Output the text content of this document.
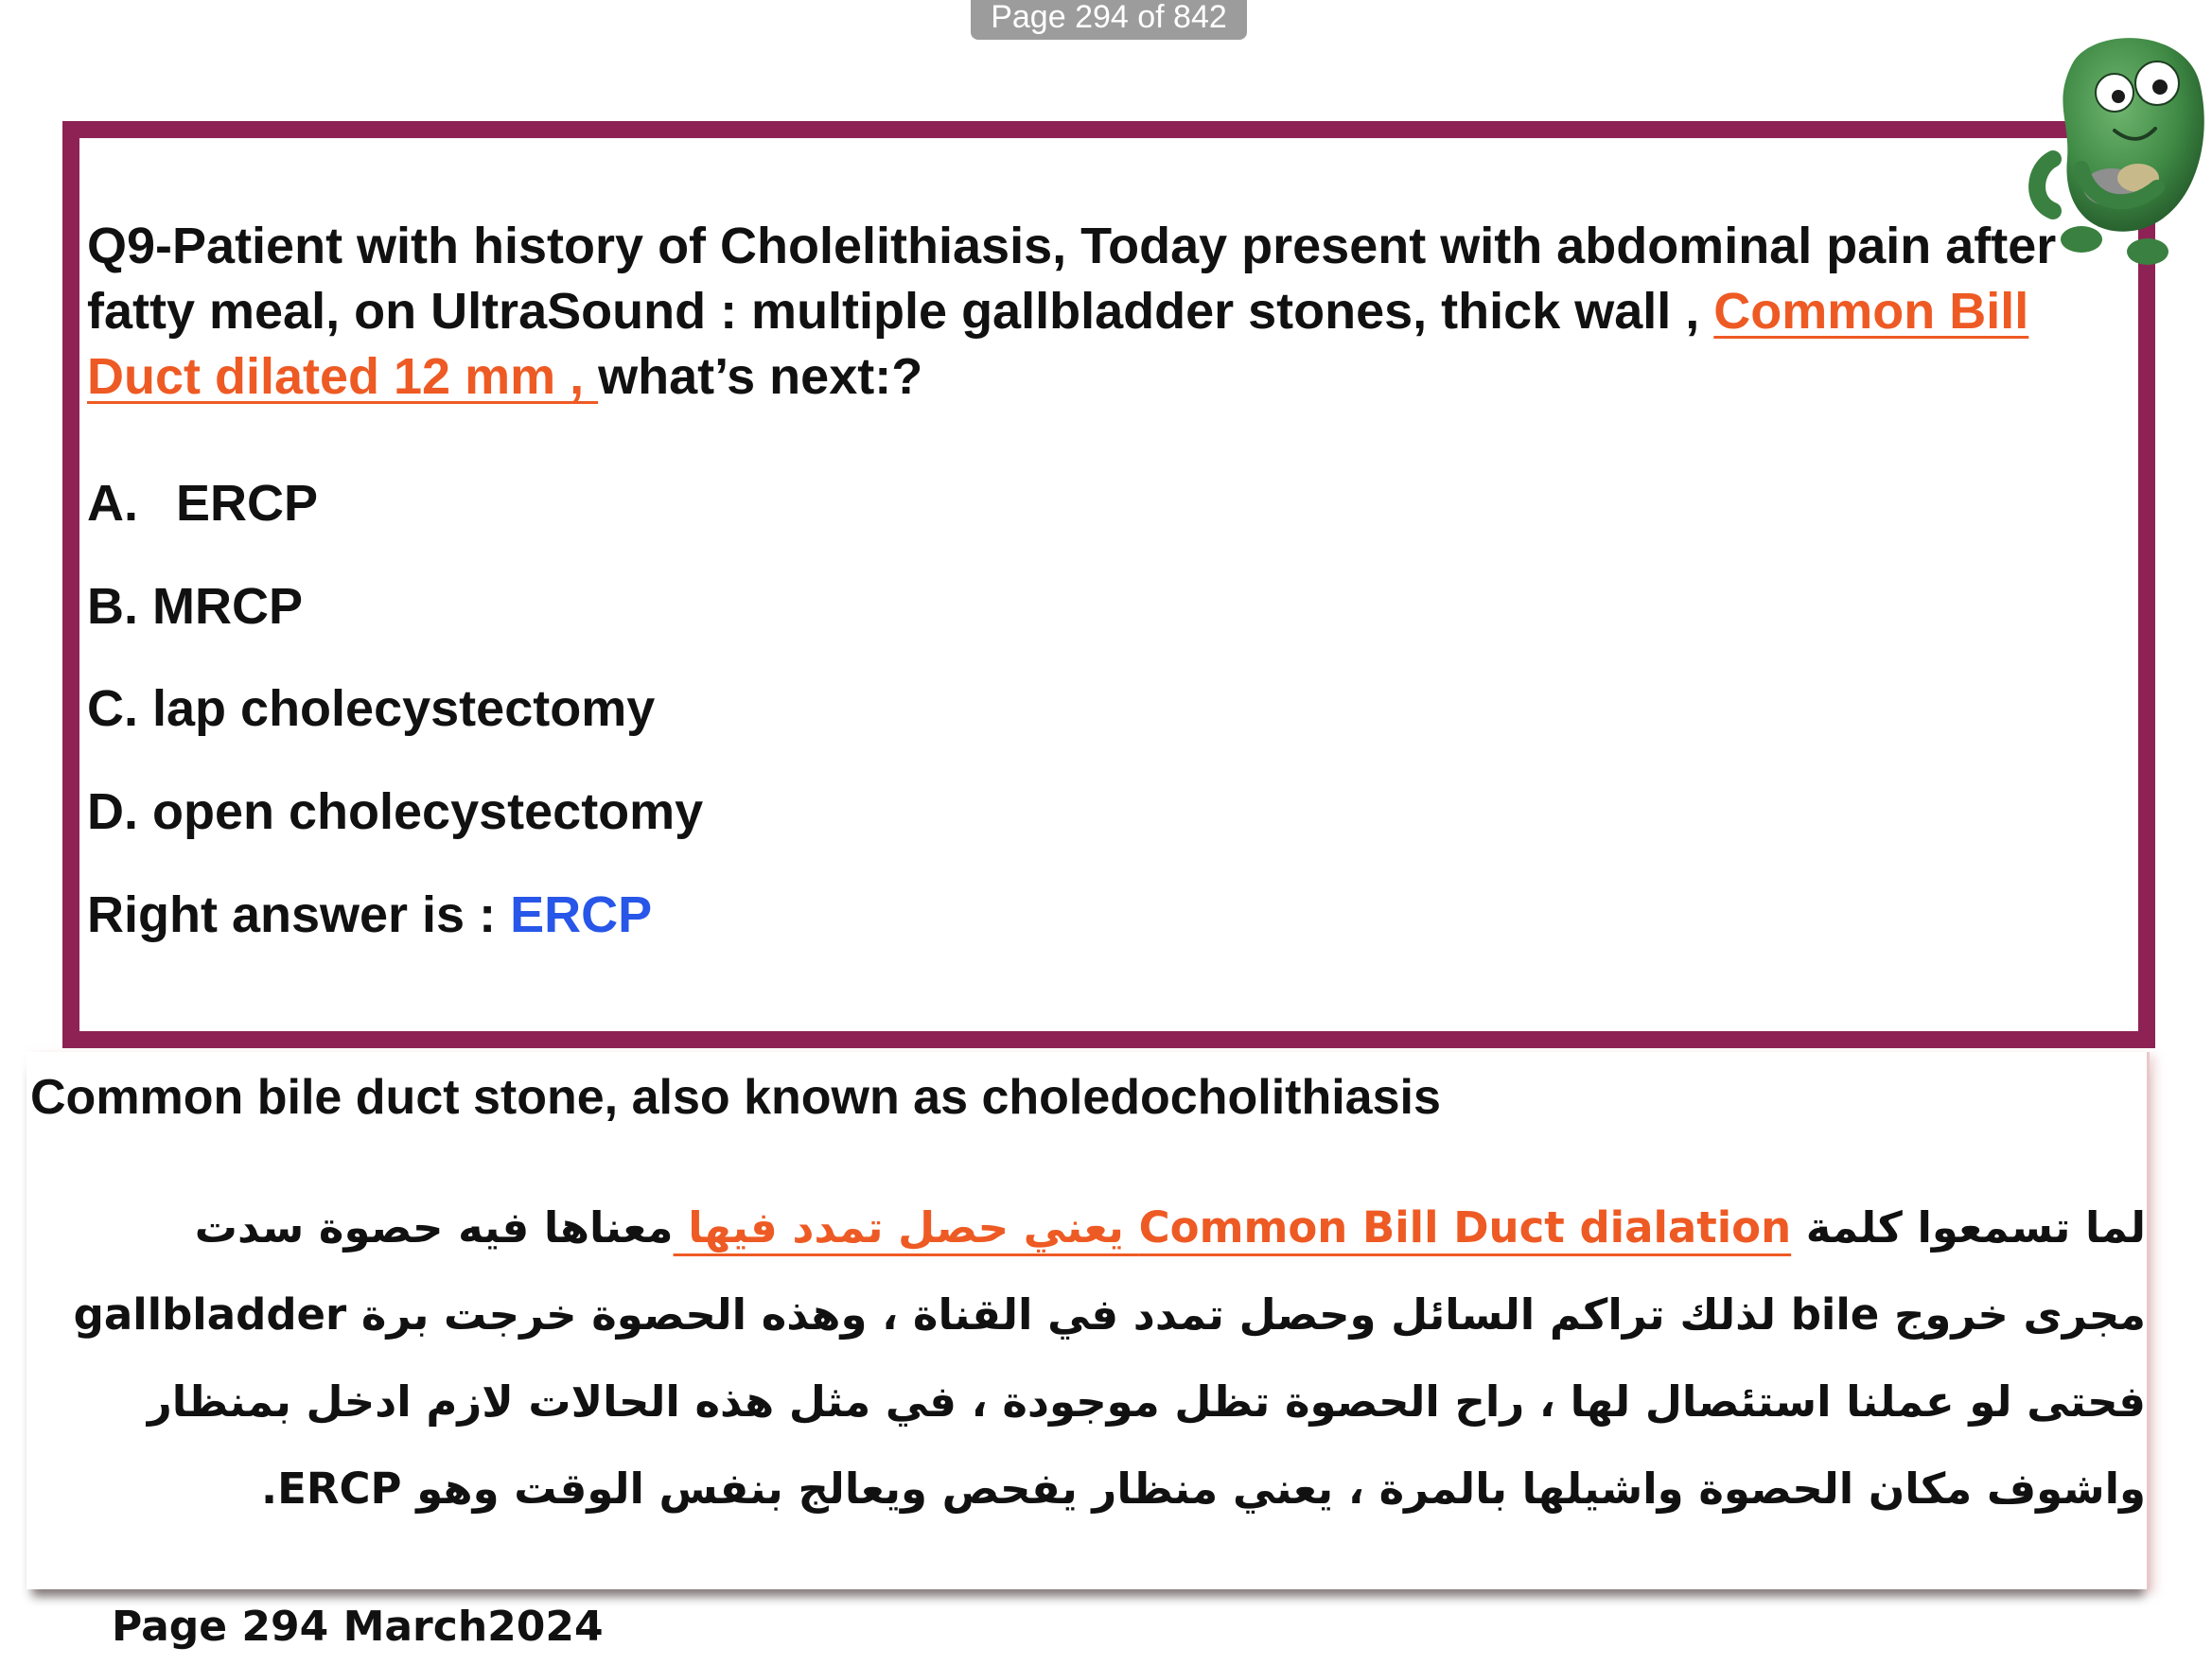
Page 294 of 842
Q9-Patient with history of Cholelithiasis, Today present with abdominal pain after fatty meal, on UltraSound : multiple gallbladder stones, thick wall , Common Bill Duct dilated 12 mm , what’s next:?
A. ERCP
B. MRCP
C. lap cholecystectomy
D. open cholecystectomy
Right answer is : ERCP
Common bile duct stone, also known as choledocholithiasis
لما تسمعوا كلمة Common Bill Duct dialation يعني حصل تمدد فيها معناها فيه حصوة سدت
مجرى خروج bile لذلك تراكم السائل وحصل تمدد في القناة ، وهذه الحصوة خرجت برة gallbladder
فحتى لو عملنا استئصال لها ، راح الحصوة تظل موجودة ، في مثل هذه الحالات لازم ادخل بمنظار
واشوف مكان الحصوة واشيلها بالمرة ، يعني منظار يفحص ويعالج بنفس الوقت وهو ERCP.
Page 294 March2024
